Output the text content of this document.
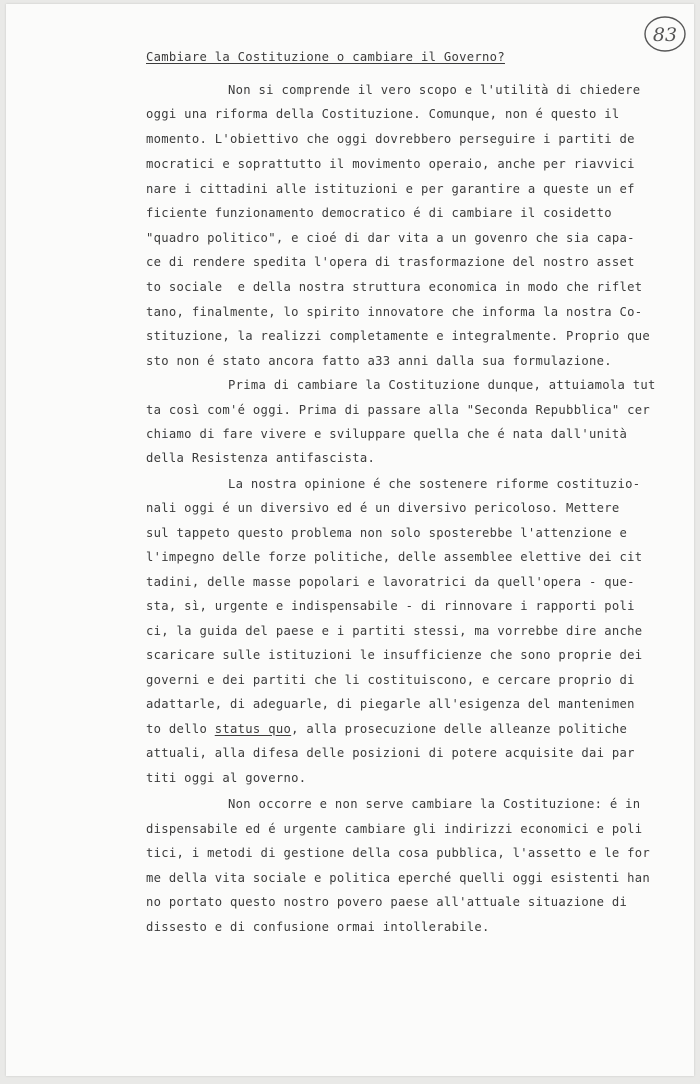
83
Cambiare la Costituzione o cambiare il Governo?
Non si comprende il vero scopo e l'utilità di chiedere
oggi una riforma della Costituzione. Comunque, non é questo il
momento. L'obiettivo che oggi dovrebbero perseguire i partiti de
mocratici e soprattutto il movimento operaio, anche per riavvici
nare i cittadini alle istituzioni e per garantire a queste un ef
ficiente funzionamento democratico é di cambiare il cosidetto
"quadro politico", e cioé di dar vita a un govenro che sia capa-
ce di rendere spedita l'opera di trasformazione del nostro asset
to sociale  e della nostra struttura economica in modo che riflet
tano, finalmente, lo spirito innovatore che informa la nostra Co-
stituzione, la realizzi completamente e integralmente. Proprio que
sto non é stato ancora fatto a33 anni dalla sua formulazione.
Prima di cambiare la Costituzione dunque, attuiamola tut
ta così com'é oggi. Prima di passare alla "Seconda Repubblica" cer
chiamo di fare vivere e sviluppare quella che é nata dall'unità
della Resistenza antifascista.
La nostra opinione é che sostenere riforme costituzio-
nali oggi é un diversivo ed é un diversivo pericoloso. Mettere
sul tappeto questo problema non solo sposterebbe l'attenzione e
l'impegno delle forze politiche, delle assemblee elettive dei cit
tadini, delle masse popolari e lavoratrici da quell'opera - que-
sta, sì, urgente e indispensabile - di rinnovare i rapporti poli
ci, la guida del paese e i partiti stessi, ma vorrebbe dire anche
scaricare sulle istituzioni le insufficienze che sono proprie dei
governi e dei partiti che li costituiscono, e cercare proprio di
adattarle, di adeguarle, di piegarle all'esigenza del mantenimen
to dello status quo, alla prosecuzione delle alleanze politiche
attuali, alla difesa delle posizioni di potere acquisite dai par
titi oggi al governo.
Non occorre e non serve cambiare la Costituzione: é in
dispensabile ed é urgente cambiare gli indirizzi economici e poli
tici, i metodi di gestione della cosa pubblica, l'assetto e le for
me della vita sociale e politica eperché quelli oggi esistenti han
no portato questo nostro povero paese all'attuale situazione di
dissesto e di confusione ormai intollerabile.
